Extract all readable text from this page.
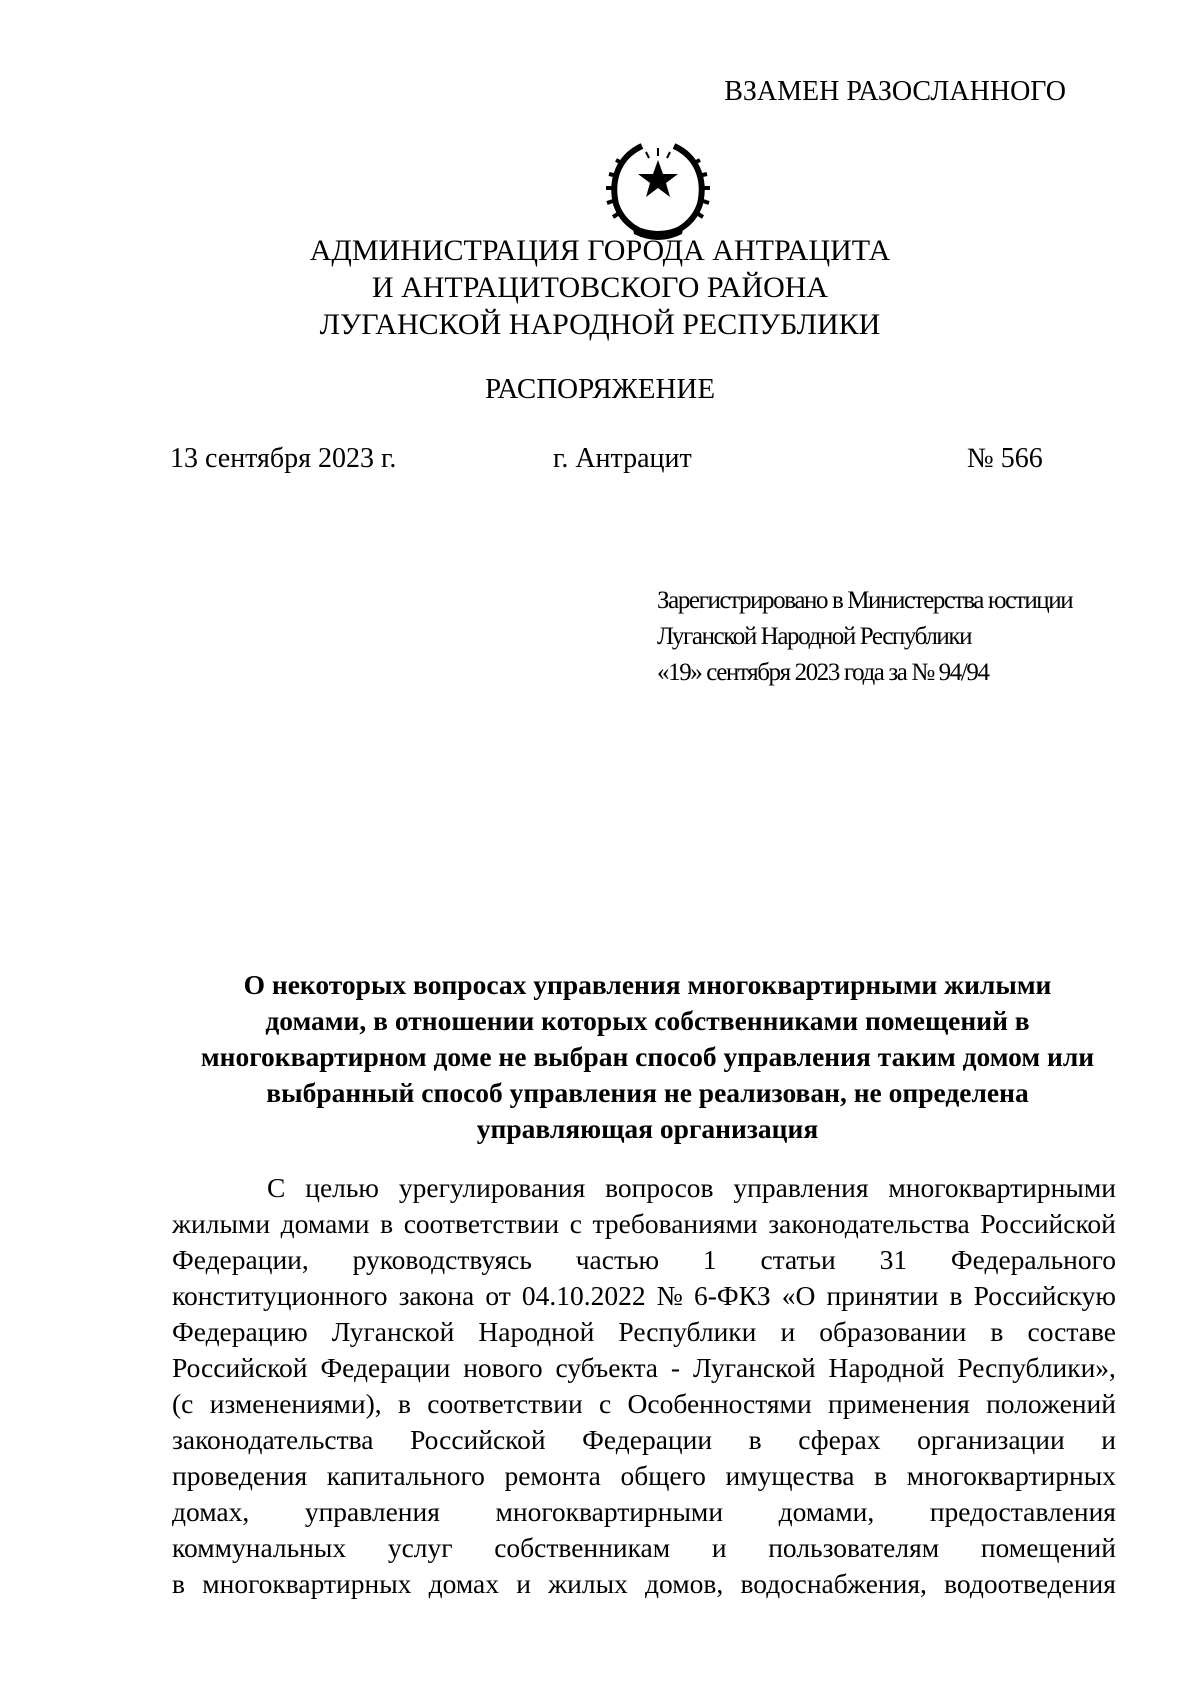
ВЗАМЕН РАЗОСЛАННОГО
АДМИНИСТРАЦИЯ ГОРОДА АНТРАЦИТА
И АНТРАЦИТОВСКОГО РАЙОНА
ЛУГАНСКОЙ НАРОДНОЙ РЕСПУБЛИКИ
РАСПОРЯЖЕНИЕ
13 сентября 2023 г.	г. Антрацит	№ 566
Зарегистрировано в Министерства юстиции
Луганской Народной Республики
«19» сентября 2023 года за № 94/94
О некоторых вопросах управления многоквартирными жилыми
домами, в отношении которых собственниками помещений в
многоквартирном доме не выбран способ управления таким домом или
выбранный способ управления не реализован, не определена
управляющая организация
С целью урегулирования вопросов управления многоквартирными
жилыми домами в соответствии с требованиями законодательства Российской
Федерации, руководствуясь частью 1 статьи 31 Федерального
конституционного закона от 04.10.2022 № 6-ФКЗ «О принятии в Российскую
Федерацию Луганской Народной Республики и образовании в составе
Российской Федерации нового субъекта - Луганской Народной Республики»,
(с изменениями), в соответствии с Особенностями применения положений
законодательства Российской Федерации в сферах организации и
проведения капитального ремонта общего имущества в многоквартирных
домах, управления многоквартирными домами, предоставления
коммунальных услуг собственникам и пользователям помещений
в многоквартирных домах и жилых домов, водоснабжения, водоотведения
